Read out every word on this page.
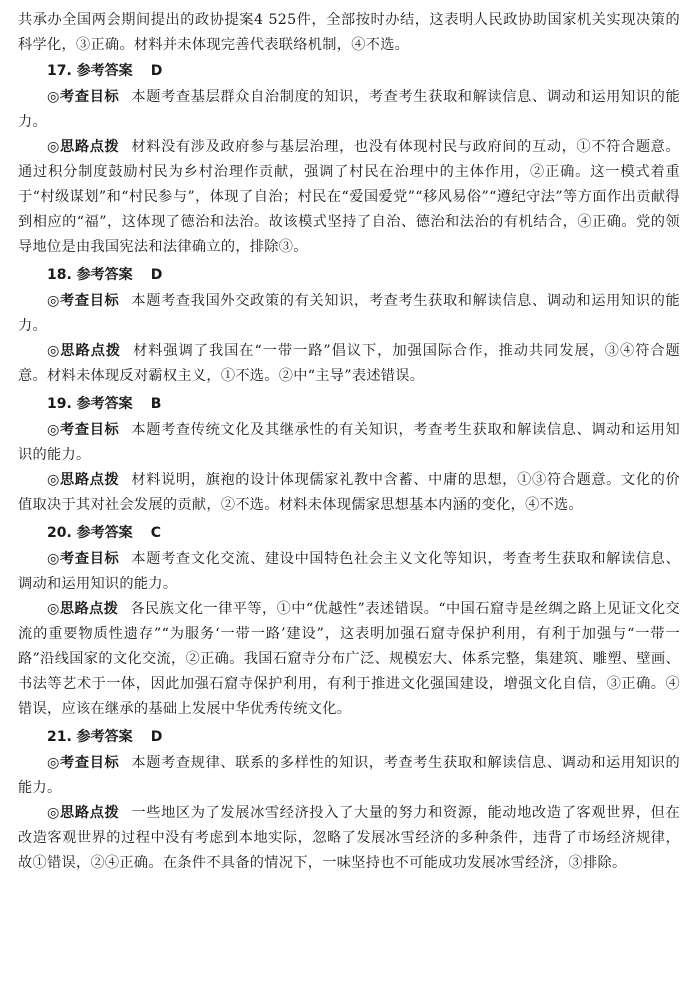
共承办全国两会期间提出的政协提案4 525件，全部按时办结，这表明人民政协助国家机关实现决策的科学化，③正确。材料并未体现完善代表联络机制，④不选。

17. 参考答案 D

◎考查目标 本题考查基层群众自治制度的知识，考查考生获取和解读信息、调动和运用知识的能力。

◎思路点拨 材料没有涉及政府参与基层治理，也没有体现村民与政府间的互动，①不符合题意。通过积分制度鼓励村民为乡村治理作贡献，强调了村民在治理中的主体作用，②正确。这一模式着重于“村级谋划”和“村民参与”，体现了自治；村民在“爱国爱党”“移风易俗”“遵纪守法”等方面作出贡献得到相应的“福”，这体现了德治和法治。故该模式坚持了自治、德治和法治的有机结合，④正确。党的领导地位是由我国宪法和法律确立的，排除③。

18. 参考答案 D

◎考查目标 本题考查我国外交政策的有关知识，考查考生获取和解读信息、调动和运用知识的能力。

◎思路点拨 材料强调了我国在“一带一路”倡议下，加强国际合作，推动共同发展，③④符合题意。材料未体现反对霸权主义，①不选。②中“主导”表述错误。

19. 参考答案 B

◎考查目标 本题考查传统文化及其继承性的有关知识，考查考生获取和解读信息、调动和运用知识的能力。

◎思路点拨 材料说明，旗袍的设计体现儒家礼教中含蓄、中庸的思想，①③符合题意。文化的价值取决于其对社会发展的贡献，②不选。材料未体现儒家思想基本内涵的变化，④不选。

20. 参考答案 C

◎考查目标 本题考查文化交流、建设中国特色社会主义文化等知识，考查考生获取和解读信息、调动和运用知识的能力。

◎思路点拨 各民族文化一律平等，①中“优越性”表述错误。“中国石窟寺是丝绸之路上见证文化交流的重要物质性遗存”“为服务‘一带一路’建设”，这表明加强石窟寺保护利用，有利于加强与“一带一路”沿线国家的文化交流，②正确。我国石窟寺分布广泛、规模宏大、体系完整，集建筑、雕塑、壁画、书法等艺术于一体，因此加强石窟寺保护利用，有利于推进文化强国建设，增强文化自信，③正确。④错误，应该在继承的基础上发展中华优秀传统文化。

21. 参考答案 D

◎考查目标 本题考查规律、联系的多样性的知识，考查考生获取和解读信息、调动和运用知识的能力。

◎思路点拨 一些地区为了发展冰雪经济投入了大量的努力和资源，能动地改造了客观世界，但在改造客观世界的过程中没有考虑到本地实际，忽略了发展冰雪经济的多种条件，违背了市场经济规律，故①错误，②④正确。在条件不具备的情况下，一味坚持也不可能成功发展冰雪经济，③排除。
